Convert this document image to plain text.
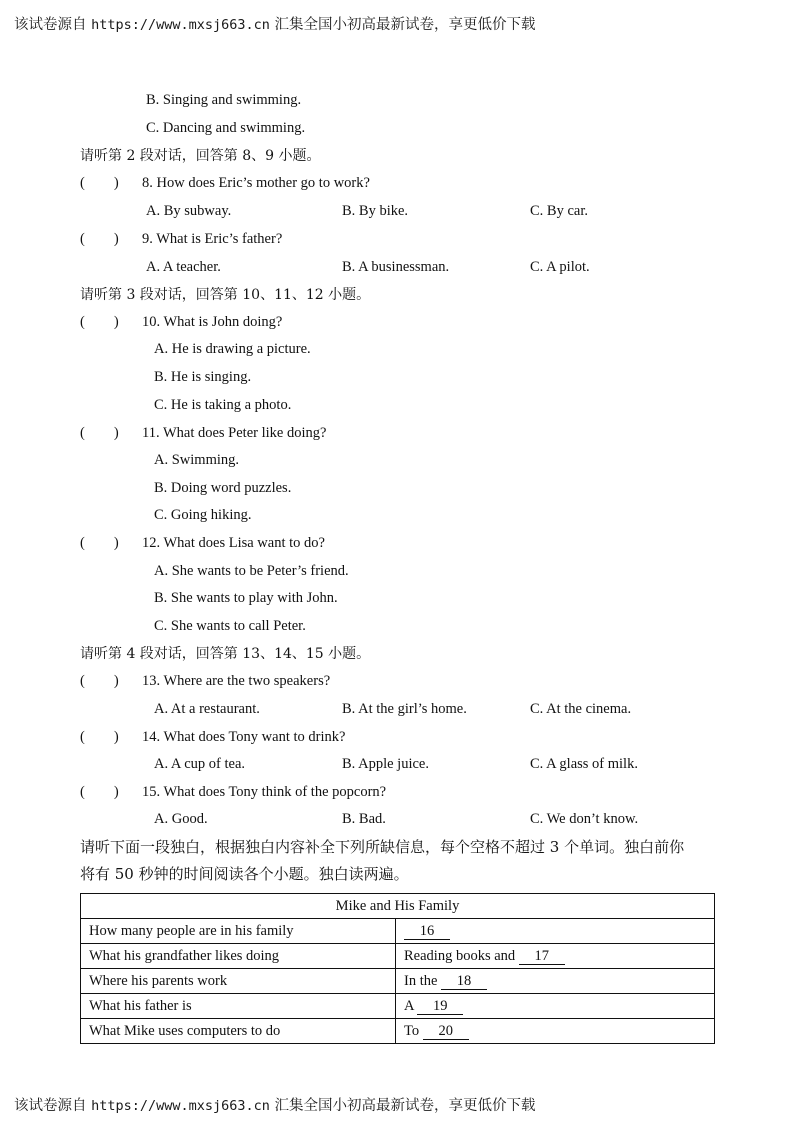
该试卷源自 https://www.mxsj663.cn 汇集全国小初高最新试卷，享更低价下载
B. Singing and swimming.
C. Dancing and swimming.
请听第 2 段对话，回答第 8、9 小题。
(        ) 8. How does Eric’s mother go to work?
A. By subway.	B. By bike.	C. By car.
(        ) 9. What is Eric’s father?
A. A teacher.	B. A businessman.	C. A pilot.
请听第 3 段对话，回答第 10、11、12 小题。
(        ) 10. What is John doing?
A. He is drawing a picture.
B. He is singing.
C. He is taking a photo.
(        ) 11. What does Peter like doing?
A. Swimming.
B. Doing word puzzles.
C. Going hiking.
(        ) 12. What does Lisa want to do?
A. She wants to be Peter’s friend.
B. She wants to play with John.
C. She wants to call Peter.
请听第 4 段对话，回答第 13、14、15 小题。
(        ) 13. Where are the two speakers?
A. At a restaurant.	B. At the girl’s home.	C. At the cinema.
(        ) 14. What does Tony want to drink?
A. A cup of tea.	B. Apple juice.	C. A glass of milk.
(        ) 15. What does Tony think of the popcorn?
A. Good.	B. Bad.	C. We don’t know.
请听下面一段独白，根据独白内容补全下列所缺信息，每个空格不超过 3 个单词。独白前你
将有 50 秒钟的时间阅读各个小题。独白读两遍。
Mike and His Family	
How many people are in his family	16
What his grandfather likes doing	Reading books and 17
Where his parents work	In the 18
What his father is	A 19
What Mike uses computers to do	To 20
该试卷源自 https://www.mxsj663.cn 汇集全国小初高最新试卷，享更低价下载
